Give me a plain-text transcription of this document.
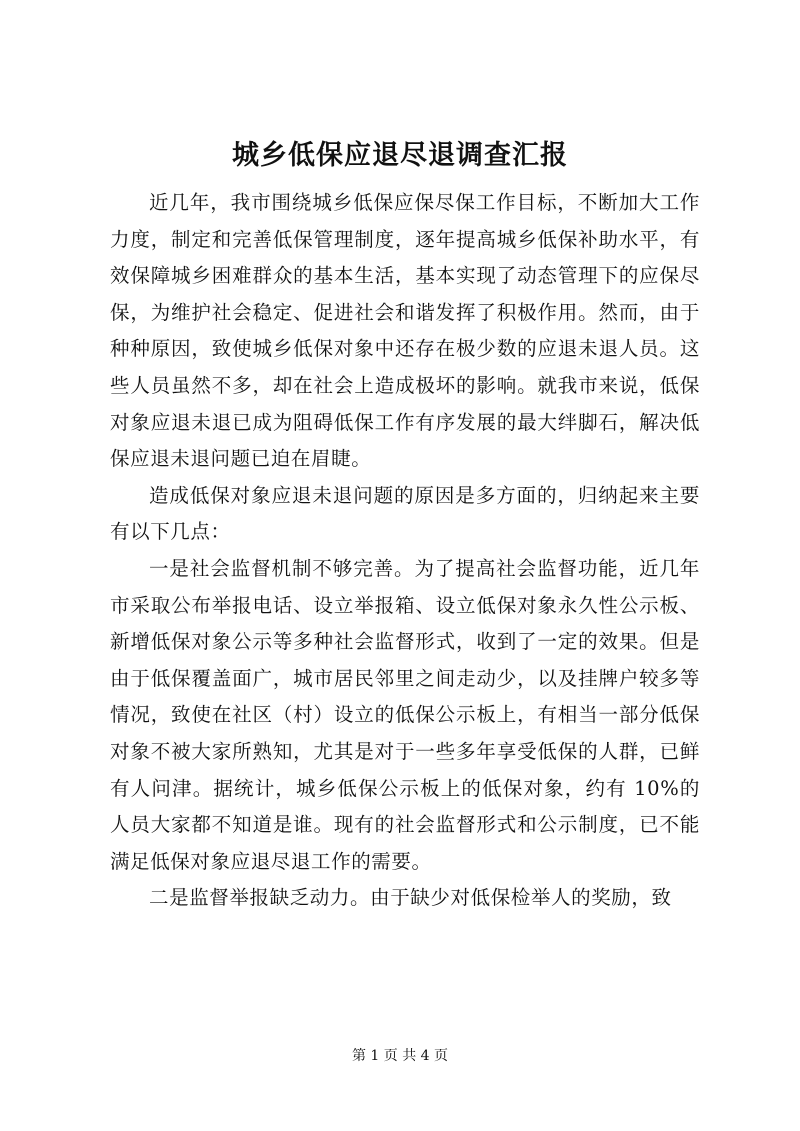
城乡低保应退尽退调查汇报

近几年，我市围绕城乡低保应保尽保工作目标，不断加大工作力度，制定和完善低保管理制度，逐年提高城乡低保补助水平，有效保障城乡困难群众的基本生活，基本实现了动态管理下的应保尽保，为维护社会稳定、促进社会和谐发挥了积极作用。然而，由于种种原因，致使城乡低保对象中还存在极少数的应退未退人员。这些人员虽然不多，却在社会上造成极坏的影响。就我市来说，低保对象应退未退已成为阻碍低保工作有序发展的最大绊脚石，解决低保应退未退问题已迫在眉睫。

造成低保对象应退未退问题的原因是多方面的，归纳起来主要有以下几点：

一是社会监督机制不够完善。为了提高社会监督功能，近几年市采取公布举报电话、设立举报箱、设立低保对象永久性公示板、新增低保对象公示等多种社会监督形式，收到了一定的效果。但是由于低保覆盖面广，城市居民邻里之间走动少，以及挂牌户较多等情况，致使在社区（村）设立的低保公示板上，有相当一部分低保对象不被大家所熟知，尤其是对于一些多年享受低保的人群，已鲜有人问津。据统计，城乡低保公示板上的低保对象，约有 10%的人员大家都不知道是谁。现有的社会监督形式和公示制度，已不能满足低保对象应退尽退工作的需要。

二是监督举报缺乏动力。由于缺少对低保检举人的奖励，致

第 1 页 共 4 页
